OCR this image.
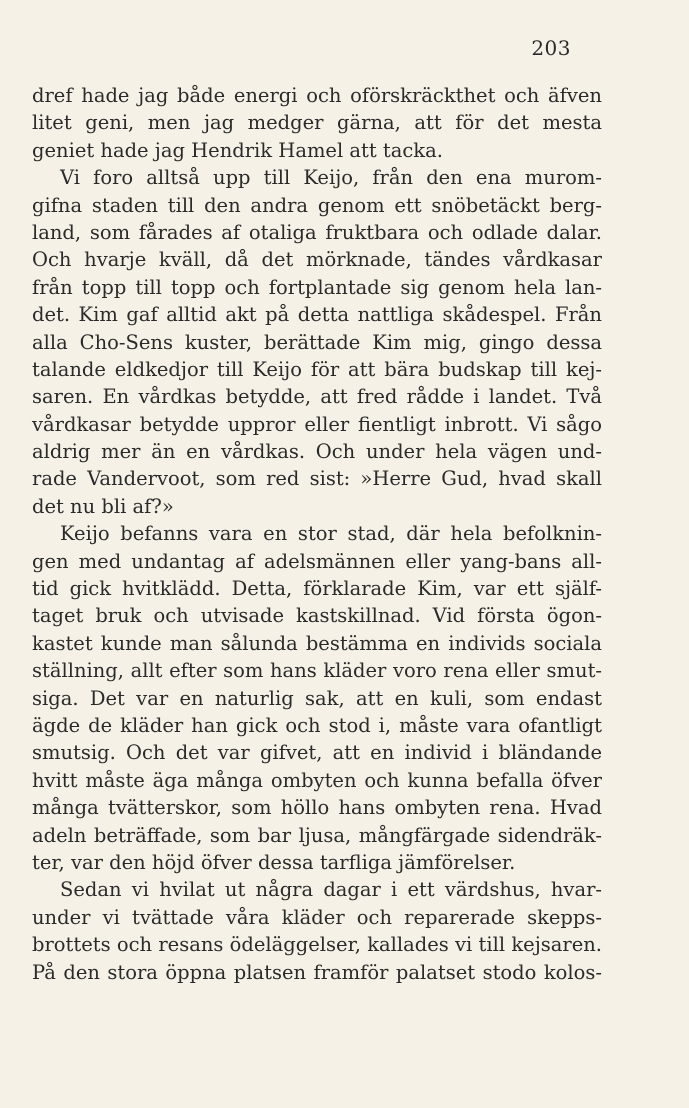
203
dref hade jag både energi och oförskräckthet och äfven
litet geni, men jag medger gärna, att för det mesta
geniet hade jag Hendrik Hamel att tacka.
Vi foro alltså upp till Keijo, från den ena murom-
gifna staden till den andra genom ett snöbetäckt berg-
land, som fårades af otaliga fruktbara och odlade dalar.
Och hvarje kväll, då det mörknade, tändes vårdkasar
från topp till topp och fortplantade sig genom hela lan-
det. Kim gaf alltid akt på detta nattliga skådespel. Från
alla Cho-Sens kuster, berättade Kim mig, gingo dessa
talande eldkedjor till Keijo för att bära budskap till kej-
saren. En vårdkas betydde, att fred rådde i landet. Två
vårdkasar betydde uppror eller fientligt inbrott. Vi sågo
aldrig mer än en vårdkas. Och under hela vägen und-
rade Vandervoot, som red sist: »Herre Gud, hvad skall
det nu bli af?»
Keijo befanns vara en stor stad, där hela befolknin-
gen med undantag af adelsmännen eller yang-bans all-
tid gick hvitklädd. Detta, förklarade Kim, var ett själf-
taget bruk och utvisade kastskillnad. Vid första ögon-
kastet kunde man sålunda bestämma en individs sociala
ställning, allt efter som hans kläder voro rena eller smut-
siga. Det var en naturlig sak, att en kuli, som endast
ägde de kläder han gick och stod i, måste vara ofantligt
smutsig. Och det var gifvet, att en individ i bländande
hvitt måste äga många ombyten och kunna befalla öfver
många tvätterskor, som höllo hans ombyten rena. Hvad
adeln beträffade, som bar ljusa, mångfärgade sidendräk-
ter, var den höjd öfver dessa tarfliga jämförelser.
Sedan vi hvilat ut några dagar i ett värdshus, hvar-
under vi tvättade våra kläder och reparerade skepps-
brottets och resans ödeläggelser, kallades vi till kejsaren.
På den stora öppna platsen framför palatset stodo kolos-
